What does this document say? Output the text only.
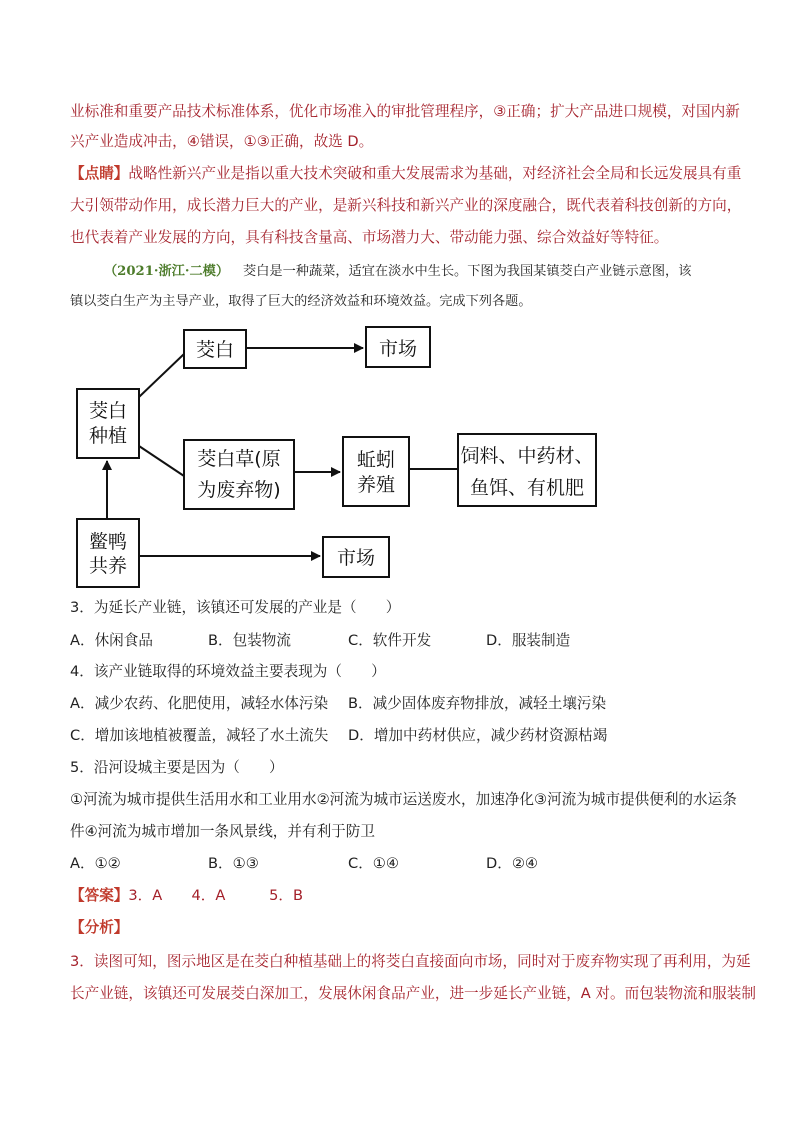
业标准和重要产品技术标准体系，优化市场准入的审批管理程序，③正确；扩大产品进口规模，对国内新
兴产业造成冲击，④错误，①③正确，故选 D。
【点睛】战略性新兴产业是指以重大技术突破和重大发展需求为基础，对经济社会全局和长远发展具有重
大引领带动作用，成长潜力巨大的产业，是新兴科技和新兴产业的深度融合，既代表着科技创新的方向，
也代表着产业发展的方向，具有科技含量高、市场潜力大、带动能力强、综合效益好等特征。
（2021·浙江·二模） 茭白是一种蔬菜，适宜在淡水中生长。下图为我国某镇茭白产业链示意图，该
镇以茭白生产为主导产业，取得了巨大的经济效益和环境效益。完成下列各题。
茭白
种植
茭白	市场
茭白草(原
为废弃物)
蚯蚓
养殖
饲料、中药材、
鱼饵、有机肥
鳖鸭
共养	市场
3．为延长产业链，该镇还可发展的产业是（　　）
A．休闲食品	B．包装物流	C．软件开发	D．服装制造
4．该产业链取得的环境效益主要表现为（　　）
A．减少农药、化肥使用，减轻水体污染 B．减少固体废弃物排放，减轻土壤污染
C．增加该地植被覆盖，减轻了水土流失 D．增加中药材供应，减少药材资源枯竭
5．沿河设城主要是因为（　　）
①河流为城市提供生活用水和工业用水②河流为城市运送废水，加速净化③河流为城市提供便利的水运条
件④河流为城市增加一条风景线，并有利于防卫
A．①②	B．①③	C．①④	D．②④
【答案】3．A　　4．A　　　5．B
【分析】
3．读图可知，图示地区是在茭白种植基础上的将茭白直接面向市场，同时对于废弃物实现了再利用，为延
长产业链，该镇还可发展茭白深加工，发展休闲食品产业，进一步延长产业链，A 对。而包装物流和服装制
